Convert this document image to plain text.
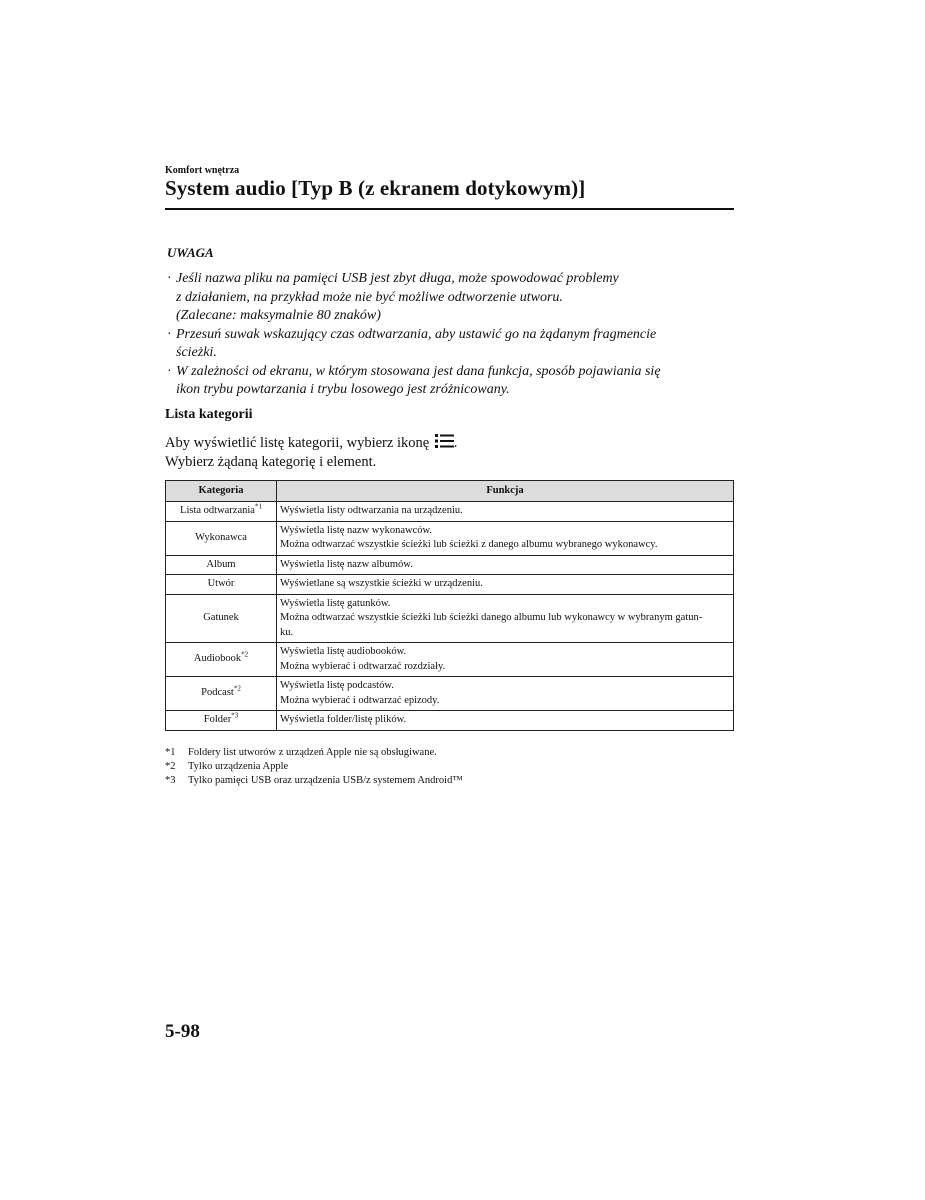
Komfort wnętrza
System audio [Typ B (z ekranem dotykowym)]
UWAGA
· Jeśli nazwa pliku na pamięci USB jest zbyt długa, może spowodować problemy
z działaniem, na przykład może nie być możliwe odtworzenie utworu.
(Zalecane: maksymalnie 80 znaków)
· Przesuń suwak wskazujący czas odtwarzania, aby ustawić go na żądanym fragmencie
ścieżki.
· W zależności od ekranu, w którym stosowana jest dana funkcja, sposób pojawiania się
ikon trybu powtarzania i trybu losowego jest zróżnicowany.
Lista kategorii
Aby wyświetlić listę kategorii, wybierz ikonę .
Wybierz żądaną kategorię i element.
Kategoria	Funkcja
Lista odtwarzania$^{*1}$	Wyświetla listy odtwarzania na urządzeniu.

Wykonawca	Wyświetla listę nazw wykonawców.
Można odtwarzać wszystkie ścieżki lub ścieżki z danego albumu wybranego wykonawcy.

Album	Wyświetla listę nazw albumów.

Utwór	Wyświetlane są wszystkie ścieżki w urządzeniu.

Gatunek	Wyświetla listę gatunków.
Można odtwarzać wszystkie ścieżki lub ścieżki danego albumu lub wykonawcy w wybranym gatun-
ku.

Audiobook$^{*2}$	Wyświetla listę audiobooków.
Można wybierać i odtwarzać rozdziały.

Podcast$^{*2}$	Wyświetla listę podcastów.
Można wybierać i odtwarzać epizody.

Folder$^{*3}$	Wyświetla folder/listę plików.
*1 Foldery list utworów z urządzeń Apple nie są obsługiwane.
*2 Tylko urządzenia Apple
*3 Tylko pamięci USB oraz urządzenia USB/z systemem Android™
5-98
